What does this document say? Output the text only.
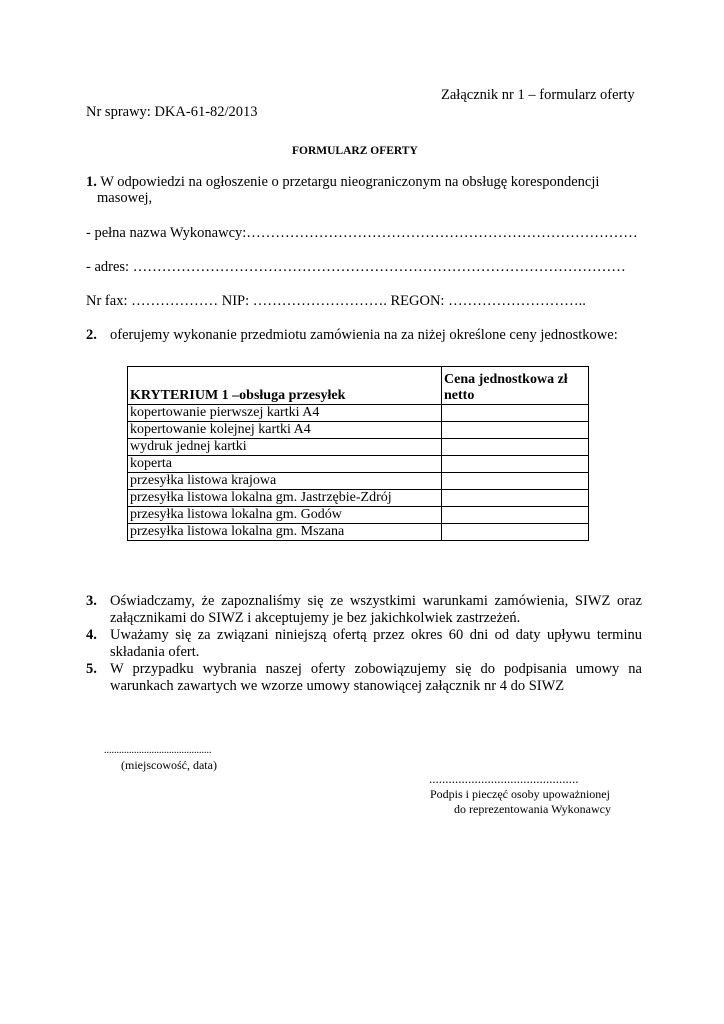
Załącznik nr 1 – formularz oferty
Nr sprawy: DKA-61-82/2013
FORMULARZ OFERTY
1. W odpowiedzi na ogłoszenie o przetargu nieograniczonym na obsługę korespondencji
masowej,
- pełna nazwa Wykonawcy:………………………………………………………………………
- adres: …………………………………………………………………………………………
Nr fax: ……………… NIP: ………………………. REGON: ………………………..
2. oferujemy wykonanie przedmiotu zamówienia na za niżej określone ceny jednostkowe:
KRYTERIUM 1 –obsługa przesyłek	Cena jednostkowa zł
netto
kopertowanie pierwszej kartki A4	
kopertowanie kolejnej kartki A4	
wydruk jednej kartki	
koperta	
przesyłka listowa krajowa	
przesyłka listowa lokalna gm. Jastrzębie-Zdrój	
przesyłka listowa lokalna gm. Godów	
przesyłka listowa lokalna gm. Mszana	
3. Oświadczamy, że zapoznaliśmy się ze wszystkimi warunkami zamówienia, SIWZ oraz załącznikami do SIWZ i akceptujemy je bez jakichkolwiek zastrzeżeń.
4. Uważamy się za związani niniejszą ofertą przez okres 60 dni od daty upływu terminu składania ofert.
5. W przypadku wybrania naszej oferty zobowiązujemy się do podpisania umowy na warunkach zawartych we wzorze umowy stanowiącej załącznik nr 4 do SIWZ
...........................................
(miejscowość, data)
..............................................
Podpis i pieczęć osoby upoważnionej
do reprezentowania Wykonawcy
